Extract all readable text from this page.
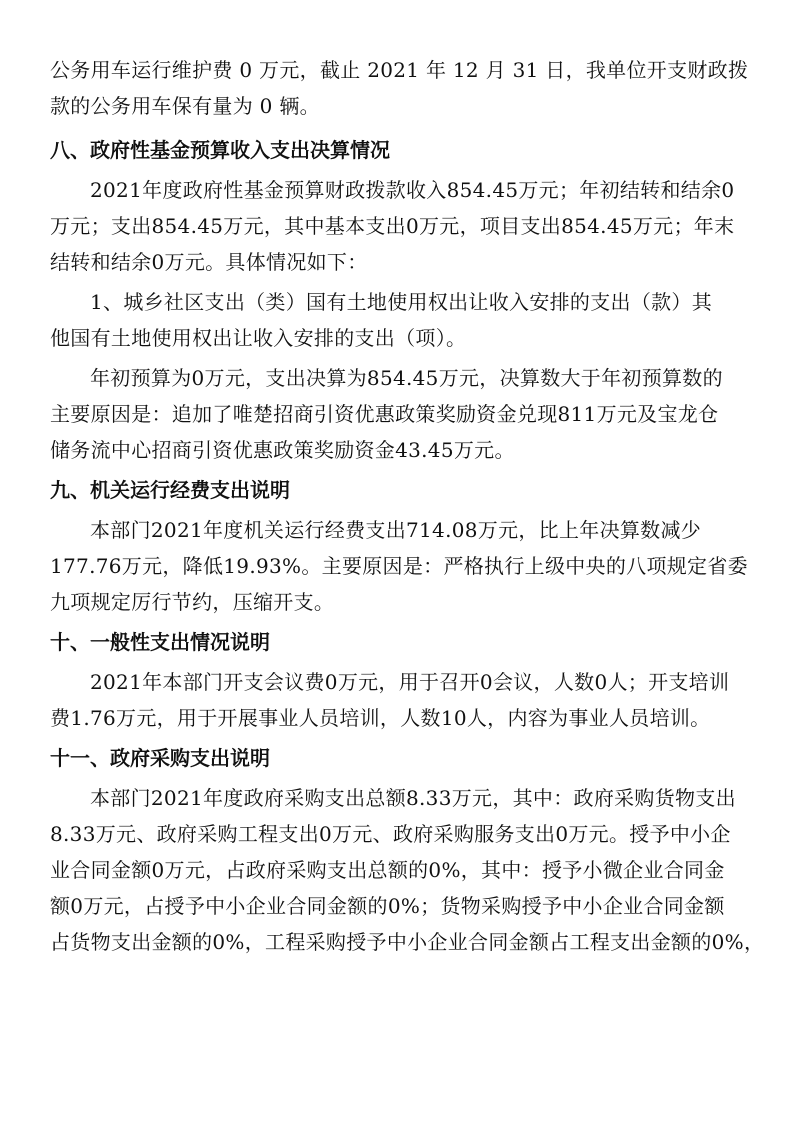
公务用车运行维护费 0 万元，截止 2021 年 12 月 31 日，我单位开支财政拨
款的公务用车保有量为 0 辆。
八、政府性基金预算收入支出决算情况
2021年度政府性基金预算财政拨款收入854.45万元；年初结转和结余0
万元；支出854.45万元，其中基本支出0万元，项目支出854.45万元；年末
结转和结余0万元。具体情况如下：
1、城乡社区支出（类）国有土地使用权出让收入安排的支出（款）其
他国有土地使用权出让收入安排的支出（项）。
年初预算为0万元，支出决算为854.45万元，决算数大于年初预算数的
主要原因是：追加了唯楚招商引资优惠政策奖励资金兑现811万元及宝龙仓
储务流中心招商引资优惠政策奖励资金43.45万元。
九、机关运行经费支出说明
本部门2021年度机关运行经费支出714.08万元，比上年决算数减少
177.76万元，降低19.93%。主要原因是：严格执行上级中央的八项规定省委
九项规定厉行节约，压缩开支。
十、一般性支出情况说明
2021年本部门开支会议费0万元，用于召开0会议，人数0人；开支培训
费1.76万元，用于开展事业人员培训，人数10人，内容为事业人员培训。
十一、政府采购支出说明
本部门2021年度政府采购支出总额8.33万元，其中：政府采购货物支出
8.33万元、政府采购工程支出0万元、政府采购服务支出0万元。授予中小企
业合同金额0万元，占政府采购支出总额的0%，其中：授予小微企业合同金
额0万元，占授予中小企业合同金额的0%；货物采购授予中小企业合同金额
占货物支出金额的0%，工程采购授予中小企业合同金额占工程支出金额的0%，
